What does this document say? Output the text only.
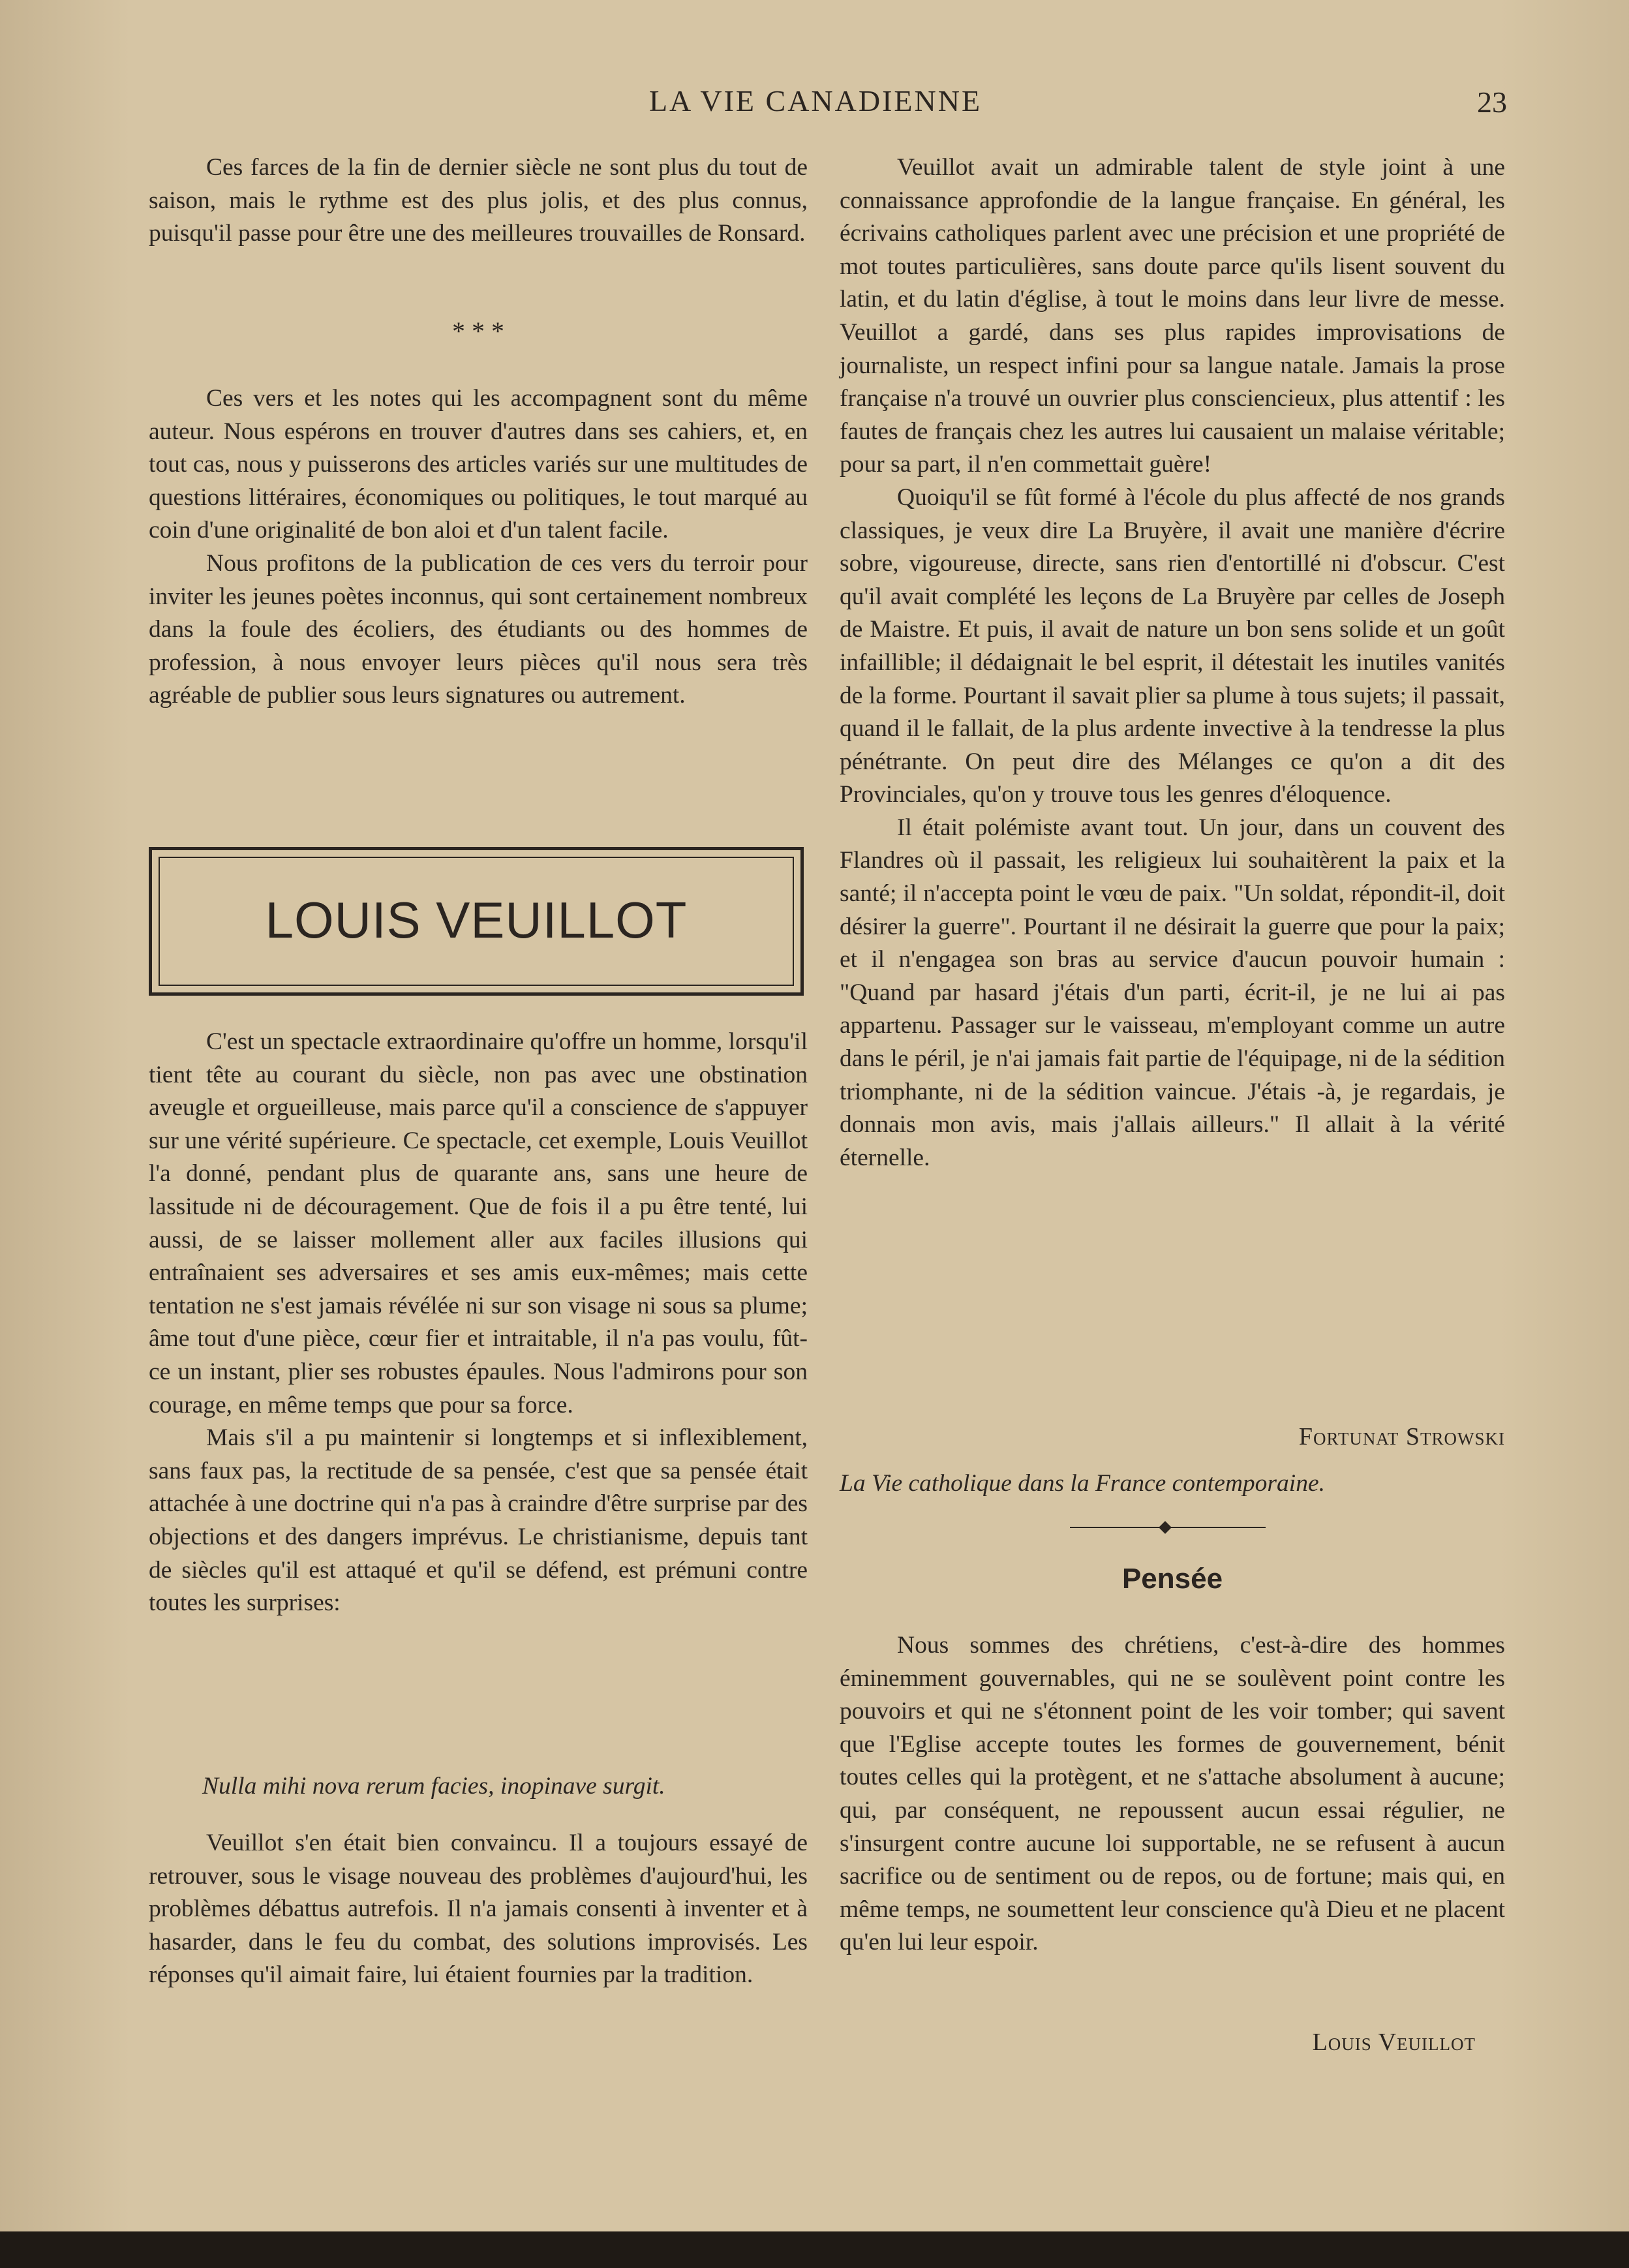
LA VIE CANADIENNE	23

Ces farces de la fin de dernier siècle ne sont plus du tout de saison, mais le rythme est des plus jolis, et des plus connus, puisqu'il passe pour être une des meilleures trouvailles de Ronsard.

* * *

Ces vers et les notes qui les accompagnent sont du même auteur. Nous espérons en trouver d'autres dans ses cahiers, et, en tout cas, nous y puisserons des articles variés sur une multitudes de questions littéraires, économiques ou politiques, le tout marqué au coin d'une originalité de bon aloi et d'un talent facile.

Nous profitons de la publication de ces vers du terroir pour inviter les jeunes poètes inconnus, qui sont certainement nombreux dans la foule des écoliers, des étudiants ou des hommes de profession, à nous envoyer leurs pièces qu'il nous sera très agréable de publier sous leurs signatures ou autrement.

LOUIS VEUILLOT

C'est un spectacle extraordinaire qu'offre un homme, lorsqu'il tient tête au courant du siècle, non pas avec une obstination aveugle et orgueilleuse, mais parce qu'il a conscience de s'appuyer sur une vérité supérieure. Ce spectacle, cet exemple, Louis Veuillot l'a donné, pendant plus de quarante ans, sans une heure de lassitude ni de découragement. Que de fois il a pu être tenté, lui aussi, de se laisser mollement aller aux faciles illusions qui entraînaient ses adversaires et ses amis eux-mêmes; mais cette tentation ne s'est jamais révélée ni sur son visage ni sous sa plume; âme tout d'une pièce, cœur fier et intraitable, il n'a pas voulu, fût-ce un instant, plier ses robustes épaules. Nous l'admirons pour son courage, en même temps que pour sa force.

Mais s'il a pu maintenir si longtemps et si inflexiblement, sans faux pas, la rectitude de sa pensée, c'est que sa pensée était attachée à une doctrine qui n'a pas à craindre d'être surprise par des objections et des dangers imprévus. Le christianisme, depuis tant de siècles qu'il est attaqué et qu'il se défend, est prémuni contre toutes les surprises:

Nulla mihi nova rerum facies, inopinave surgit.

Veuillot s'en était bien convaincu. Il a toujours essayé de retrouver, sous le visage nouveau des problèmes d'aujourd'hui, les problèmes débattus autrefois. Il n'a jamais consenti à inventer et à hasarder, dans le feu du combat, des solutions improvisés. Les réponses qu'il aimait faire, lui étaient fournies par la tradition.

Veuillot avait un admirable talent de style joint à une connaissance approfondie de la langue française. En général, les écrivains catholiques parlent avec une précision et une propriété de mot toutes particulières, sans doute parce qu'ils lisent souvent du latin, et du latin d'église, à tout le moins dans leur livre de messe. Veuillot a gardé, dans ses plus rapides improvisations de journaliste, un respect infini pour sa langue natale. Jamais la prose française n'a trouvé un ouvrier plus consciencieux, plus attentif : les fautes de français chez les autres lui causaient un malaise véritable; pour sa part, il n'en commettait guère!

Quoiqu'il se fût formé à l'école du plus affecté de nos grands classiques, je veux dire La Bruyère, il avait une manière d'écrire sobre, vigoureuse, directe, sans rien d'entortillé ni d'obscur. C'est qu'il avait complété les leçons de La Bruyère par celles de Joseph de Maistre. Et puis, il avait de nature un bon sens solide et un goût infaillible; il dédaignait le bel esprit, il détestait les inutiles vanités de la forme. Pourtant il savait plier sa plume à tous sujets; il passait, quand il le fallait, de la plus ardente invective à la tendresse la plus pénétrante. On peut dire des Mélanges ce qu'on a dit des Provinciales, qu'on y trouve tous les genres d'éloquence.

Il était polémiste avant tout. Un jour, dans un couvent des Flandres où il passait, les religieux lui souhaitèrent la paix et la santé; il n'accepta point le vœu de paix. "Un soldat, répondit-il, doit désirer la guerre". Pourtant il ne désirait la guerre que pour la paix; et il n'engagea son bras au service d'aucun pouvoir humain : "Quand par hasard j'étais d'un parti, écrit-il, je ne lui ai pas appartenu. Passager sur le vaisseau, m'employant comme un autre dans le péril, je n'ai jamais fait partie de l'équipage, ni de la sédition triomphante, ni de la sédition vaincue. J'étais -à, je regardais, je donnais mon avis, mais j'allais ailleurs." Il allait à la vérité éternelle.

Fortunat Strowski
La Vie catholique dans la France contemporaine.
Pensée

Nous sommes des chrétiens, c'est-à-dire des hommes éminemment gouvernables, qui ne se soulèvent point contre les pouvoirs et qui ne s'étonnent point de les voir tomber; qui savent que l'Eglise accepte toutes les formes de gouvernement, bénit toutes celles qui la protègent, et ne s'attache absolument à aucune; qui, par conséquent, ne repoussent aucun essai régulier, ne s'insurgent contre aucune loi supportable, ne se refusent à aucun sacrifice ou de sentiment ou de repos, ou de fortune; mais qui, en même temps, ne soumettent leur conscience qu'à Dieu et ne placent qu'en lui leur espoir.

Louis Veuillot
